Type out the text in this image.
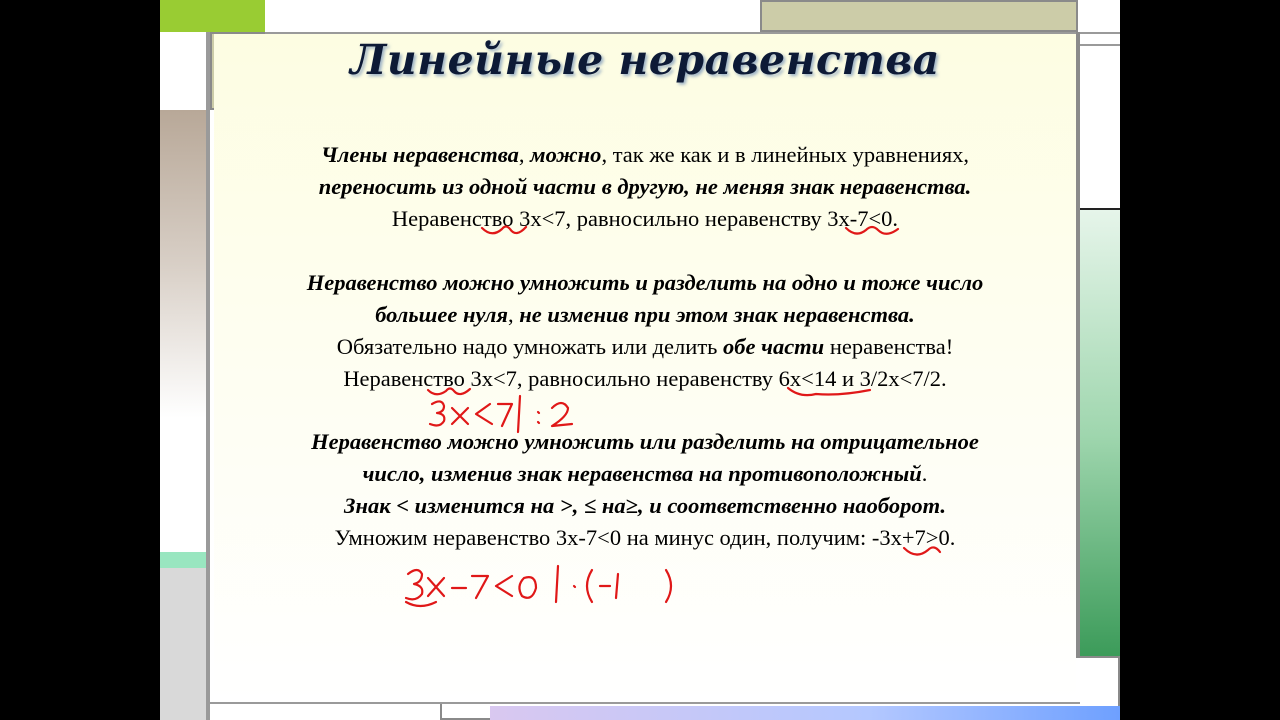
Линейные неравенства
Члены неравенства, можно, так же как и в линейных уравнениях,
переносить из одной части в другую, не меняя знак неравенства.
Неравенство 3x<7, равносильно неравенству 3x-7<0.
Неравенство можно умножить и разделить на одно и тоже число
большее нуля, не изменив при этом знак неравенства.
Обязательно надо умножать или делить обе части неравенства!
Неравенство 3x<7, равносильно неравенству 6x<14 и 3/2x<7/2.
Неравенство можно умножить или разделить на отрицательное
число, изменив знак неравенства на противоположный.
Знак < изменится на >, ≤ на≥, и соответственно наоборот.
Умножим неравенство 3x-7<0 на минус один, получим: -3x+7>0.
